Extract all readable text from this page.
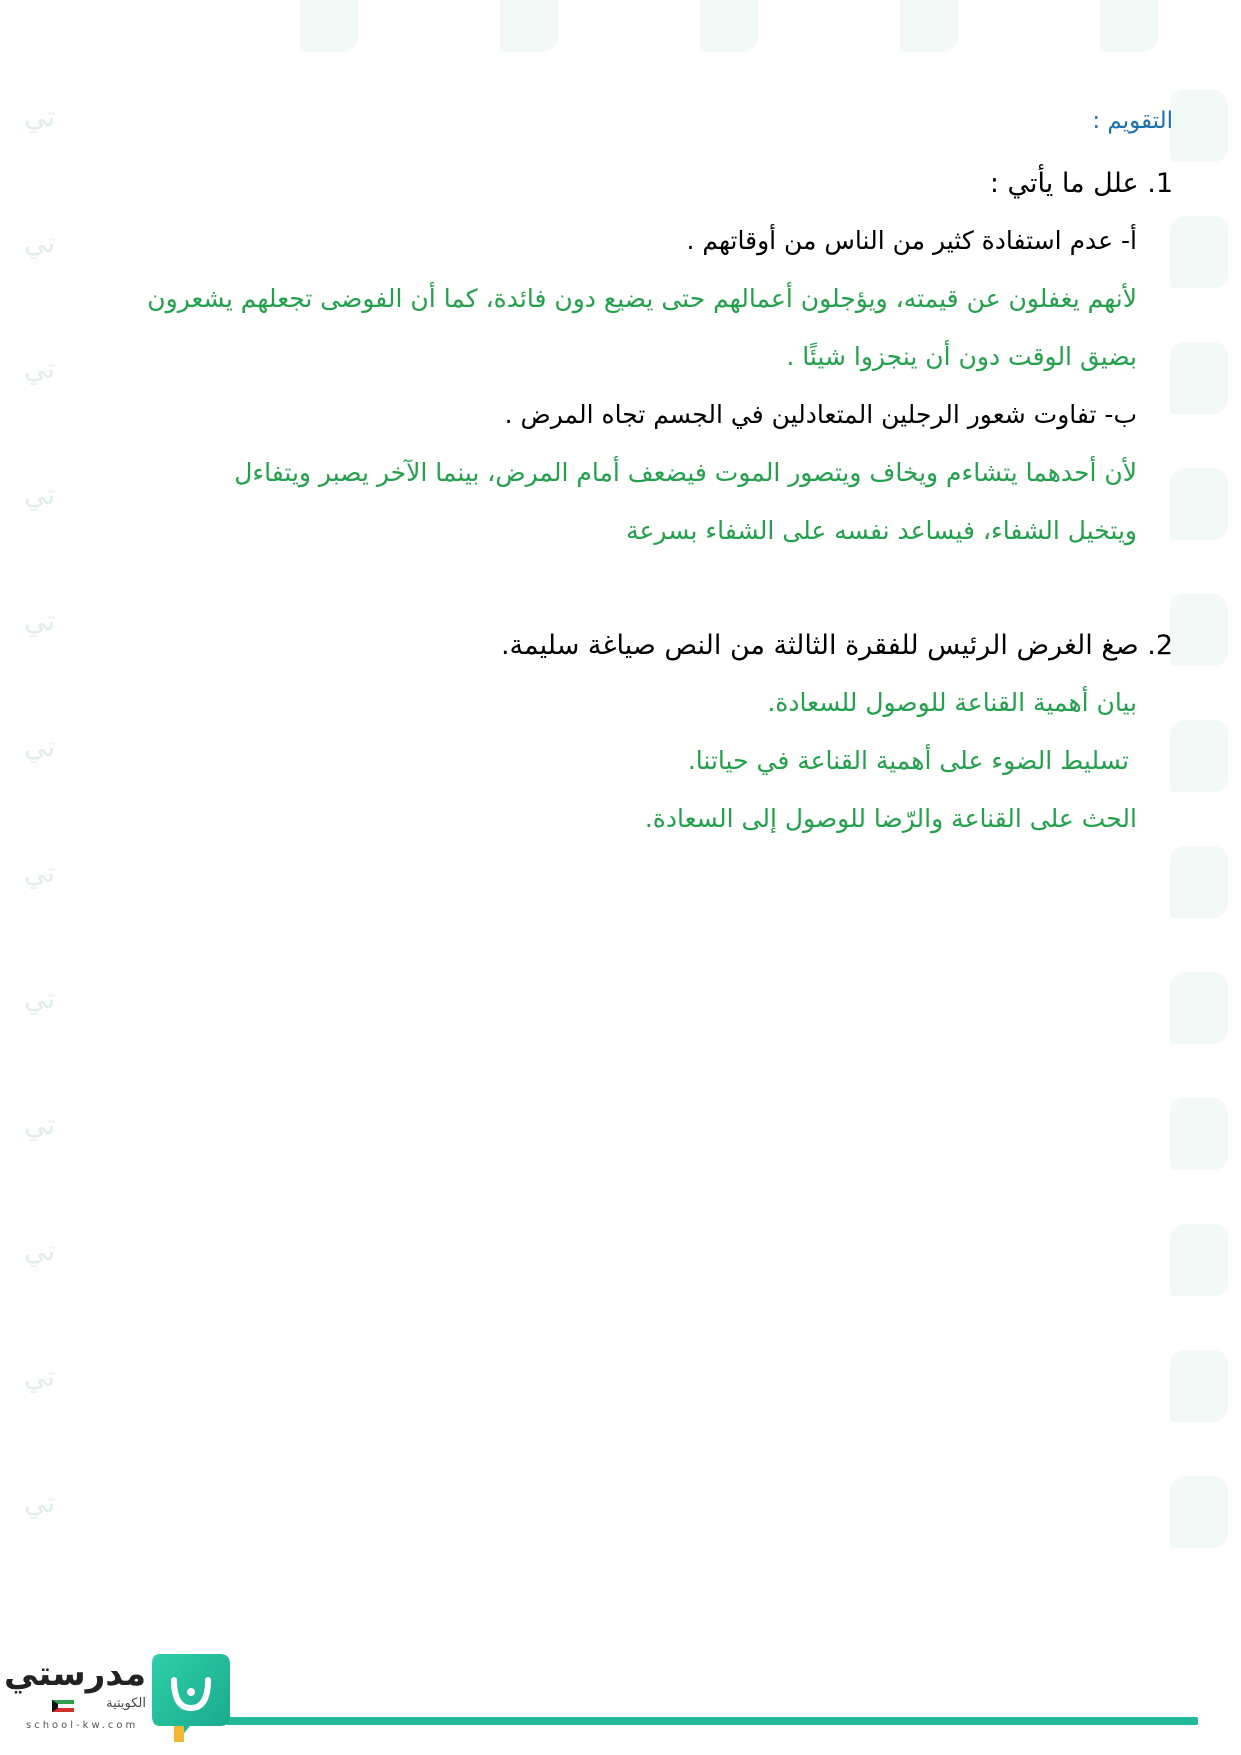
تي
تي
تي
تي
تي
تي
تي
تي
تي
تي
تي
تي
التقويم :
1. علل ما يأتي :
أ- عدم استفادة كثير من الناس من أوقاتهم .
لأنهم يغفلون عن قيمته، ويؤجلون أعمالهم حتى يضيع دون فائدة، كما أن الفوضى تجعلهم يشعرون
بضيق الوقت دون أن ينجزوا شيئًا .
ب- تفاوت شعور الرجلين المتعادلين في الجسم تجاه المرض .
لأن أحدهما يتشاءم ويخاف ويتصور الموت فيضعف أمام المرض، بينما الآخر يصبر ويتفاءل
ويتخيل الشفاء، فيساعد نفسه على الشفاء بسرعة
2. صغ الغرض الرئيس للفقرة الثالثة من النص صياغة سليمة.
بيان أهمية القناعة للوصول للسعادة.
تسليط الضوء على أهمية القناعة في حياتنا.
الحث على القناعة والرّضا للوصول إلى السعادة.
مدرستي
الكويتية
school-kw.com
